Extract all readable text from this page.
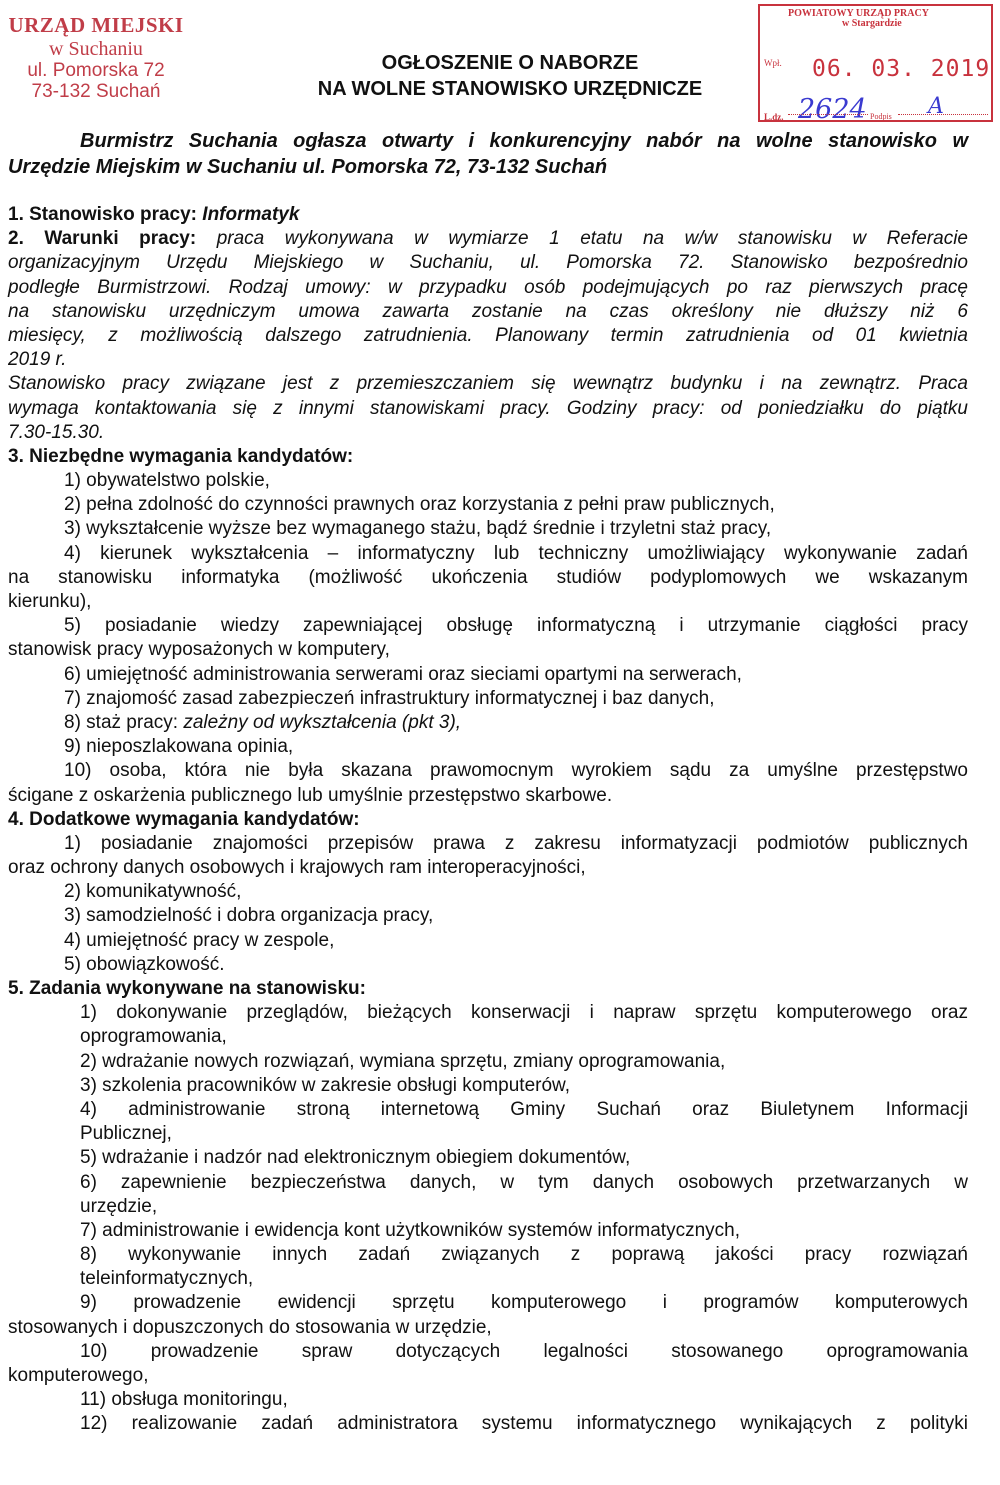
URZĄD MIEJSKI
w Suchaniu
ul. Pomorska 72
73-132 Suchań
POWIATOWY URZĄD PRACY
w Stargardzie
Wpł. 06. 03. 2019
2624
L.dz.	Podpis A
OGŁOSZENIE O NABORZE
NA WOLNE STANOWISKO URZĘDNICZE
Burmistrz Suchania ogłasza otwarty i konkurencyjny nabór na wolne stanowisko w
Urzędzie Miejskim w Suchaniu ul. Pomorska 72, 73-132 Suchań
1. Stanowisko pracy: Informatyk
2. Warunki pracy: praca wykonywana w wymiarze 1 etatu na w/w stanowisku w Referacie
organizacyjnym Urzędu Miejskiego w Suchaniu, ul. Pomorska 72. Stanowisko bezpośrednio
podległe Burmistrzowi. Rodzaj umowy: w przypadku osób podejmujących po raz pierwszych pracę
na stanowisku urzędniczym umowa zawarta zostanie na czas określony nie dłuższy niż 6
miesięcy, z możliwością dalszego zatrudnienia. Planowany termin zatrudnienia od 01 kwietnia
2019 r.
Stanowisko pracy związane jest z przemieszczaniem się wewnątrz budynku i na zewnątrz. Praca
wymaga kontaktowania się z innymi stanowiskami pracy. Godziny pracy: od poniedziałku do piątku
7.30-15.30.
3. Niezbędne wymagania kandydatów:
1) obywatelstwo polskie,
2) pełna zdolność do czynności prawnych oraz korzystania z pełni praw publicznych,
3) wykształcenie wyższe bez wymaganego stażu, bądź średnie i trzyletni staż pracy,
4) kierunek wykształcenia – informatyczny lub techniczny umożliwiający wykonywanie zadań
na stanowisku informatyka (możliwość ukończenia studiów podyplomowych we wskazanym
kierunku),
5) posiadanie wiedzy zapewniającej obsługę informatyczną i utrzymanie ciągłości pracy
stanowisk pracy wyposażonych w komputery,
6) umiejętność administrowania serwerami oraz sieciami opartymi na serwerach,
7) znajomość zasad zabezpieczeń infrastruktury informatycznej i baz danych,
8) staż pracy: zależny od wykształcenia (pkt 3),
9) nieposzlakowana opinia,
10) osoba, która nie była skazana prawomocnym wyrokiem sądu za umyślne przestępstwo
ścigane z oskarżenia publicznego lub umyślnie przestępstwo skarbowe.
4. Dodatkowe wymagania kandydatów:
1) posiadanie znajomości przepisów prawa z zakresu informatyzacji podmiotów publicznych
oraz ochrony danych osobowych i krajowych ram interoperacyjności,
2) komunikatywność,
3) samodzielność i dobra organizacja pracy,
4) umiejętność pracy w zespole,
5) obowiązkowość.
5. Zadania wykonywane na stanowisku:
1) dokonywanie przeglądów, bieżących konserwacji i napraw sprzętu komputerowego oraz
oprogramowania,
2) wdrażanie nowych rozwiązań, wymiana sprzętu, zmiany oprogramowania,
3) szkolenia pracowników w zakresie obsługi komputerów,
4) administrowanie stroną internetową Gminy Suchań oraz Biuletynem Informacji
Publicznej,
5) wdrażanie i nadzór nad elektronicznym obiegiem dokumentów,
6) zapewnienie bezpieczeństwa danych, w tym danych osobowych przetwarzanych w
urzędzie,
7) administrowanie i ewidencja kont użytkowników systemów informatycznych,
8) wykonywanie innych zadań związanych z poprawą jakości pracy rozwiązań
teleinformatycznych,
9) prowadzenie ewidencji sprzętu komputerowego i programów komputerowych
stosowanych i dopuszczonych do stosowania w urzędzie,
10) prowadzenie spraw dotyczących legalności stosowanego oprogramowania
komputerowego,
11) obsługa monitoringu,
12) realizowanie zadań administratora systemu informatycznego wynikających z polityki
